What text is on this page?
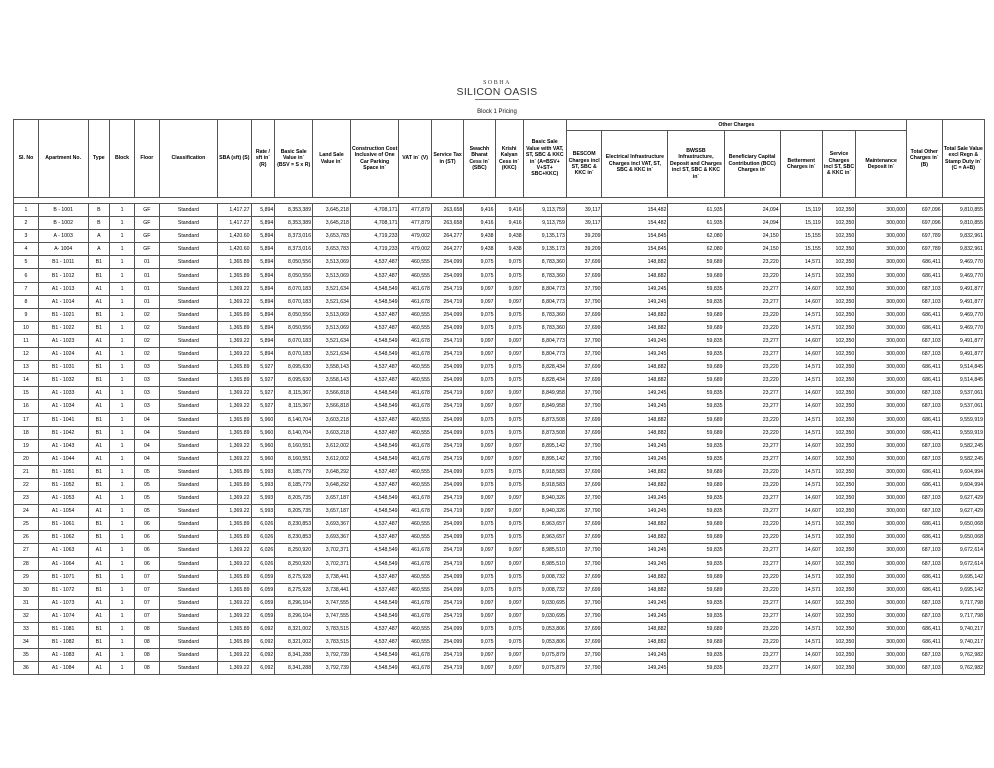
SOBHA
SILICON OASIS
Block 1 Pricing
Sl. No	Apartment No.	Type	Block	Floor	Classification	SBA (sft) (S)	Rate / sft in` (R)	Basic Sale Value in` (BSV = S x R)	Land Sale Value in`	Construction Cost Inclusive of One Car Parking Space in`	VAT in` (V)	Service Tax in (ST)	Swachh Bharat Cess in` (SBC)	Krishi Kalyan Cess in` (KKC)	Basic Sale Value with VAT, ST, SBC & KKC in` (A=BSV+ V+ST+ SBC+KKC)	Other Charges							Total Other Charges in` (B)	Total Sale Value excl Regn & Stamp Duty in` (C = A+B)
																BESCOM Charges incl ST, SBC & KKC in`	Electrical Infrastructure Charges incl VAT, ST, SBC & KKC in`	BWSSB Infrastructure, Deposit and Charges incl ST, SBC & KKC in`	Beneficiary Capital Contribution (BCC) Charges in`	Betterment Charges in`	Service Charges incl ST, SBC & KKC in`	Maintenance Deposit in`		

1	B - 1001	B	1	GF	Standard	1,417.27	5,894	8,353,389	3,645,218	4,708,171	477,879	263,658	9,416	9,416	9,113,759	39,117	154,482	61,935	24,094	15,119	102,350	300,000	697,096	9,810,855
2	B - 1002	B	1	GF	Standard	1,417.27	5,894	8,353,389	3,645,218	4,708,171	477,879	263,658	9,416	9,416	9,113,759	39,117	154,482	61,935	24,094	15,119	102,350	300,000	697,096	9,810,855
3	A - 1003	A	1	GF	Standard	1,420.60	5,894	8,373,016	3,653,783	4,719,233	479,002	264,277	9,438	9,438	9,135,173	39,209	154,845	62,080	24,150	15,155	102,350	300,000	697,789	9,832,961
4	A- 1004	A	1	GF	Standard	1,420.60	5,894	8,373,016	3,653,783	4,719,233	479,002	264,277	9,438	9,438	9,135,173	39,209	154,845	62,080	24,150	15,155	102,350	300,000	697,789	9,832,961
5	B1 - 1011	B1	1	01	Standard	1,365.89	5,894	8,050,556	3,513,069	4,537,487	460,555	254,099	9,075	9,075	8,783,360	37,699	148,882	59,689	23,220	14,571	102,350	300,000	686,411	9,469,770
6	B1 - 1012	B1	1	01	Standard	1,365.89	5,894	8,050,556	3,513,069	4,537,487	460,555	254,099	9,075	9,075	8,783,360	37,699	148,882	59,689	23,220	14,571	102,350	300,000	686,411	9,469,770
7	A1 - 1013	A1	1	01	Standard	1,369.22	5,894	8,070,183	3,521,634	4,548,549	461,678	254,719	9,097	9,097	8,804,773	37,790	149,245	59,835	23,277	14,607	102,350	300,000	687,103	9,491,877
8	A1 - 1014	A1	1	01	Standard	1,369.22	5,894	8,070,183	3,521,634	4,548,549	461,678	254,719	9,097	9,097	8,804,773	37,790	149,245	59,835	23,277	14,607	102,350	300,000	687,103	9,491,877
9	B1 - 1021	B1	1	02	Standard	1,365.89	5,894	8,050,556	3,513,069	4,537,487	460,555	254,099	9,075	9,075	8,783,360	37,699	148,882	59,689	23,220	14,571	102,350	300,000	686,411	9,469,770
10	B1 - 1022	B1	1	02	Standard	1,365.89	5,894	8,050,556	3,513,069	4,537,487	460,555	254,099	9,075	9,075	8,783,360	37,699	148,882	59,689	23,220	14,571	102,350	300,000	686,411	9,469,770
11	A1 - 1023	A1	1	02	Standard	1,369.22	5,894	8,070,183	3,521,634	4,548,549	461,678	254,719	9,097	9,097	8,804,773	37,790	149,245	59,835	23,277	14,607	102,350	300,000	687,103	9,491,877
12	A1 - 1024	A1	1	02	Standard	1,369.22	5,894	8,070,183	3,521,634	4,548,549	461,678	254,719	9,097	9,097	8,804,773	37,790	149,245	59,835	23,277	14,607	102,350	300,000	687,103	9,491,877
13	B1 - 1031	B1	1	03	Standard	1,365.89	5,927	8,095,630	3,558,143	4,537,487	460,555	254,099	9,075	9,075	8,828,434	37,699	148,882	59,689	23,220	14,571	102,350	300,000	686,411	9,514,845
14	B1 - 1032	B1	1	03	Standard	1,365.89	5,927	8,095,630	3,558,143	4,537,487	460,555	254,099	9,075	9,075	8,828,434	37,699	148,882	59,689	23,220	14,571	102,350	300,000	686,411	9,514,845
15	A1 - 1033	A1	1	03	Standard	1,369.22	5,927	8,115,367	3,566,818	4,548,549	461,678	254,719	9,097	9,097	8,849,958	37,790	149,245	59,835	23,277	14,607	102,350	300,000	687,103	9,537,061
16	A1 - 1034	A1	1	03	Standard	1,369.22	5,927	8,115,367	3,566,818	4,548,549	461,678	254,719	9,097	9,097	8,849,958	37,790	149,245	59,835	23,277	14,607	102,350	300,000	687,103	9,537,061
17	B1 - 1041	B1	1	04	Standard	1,365.89	5,960	8,140,704	3,603,218	4,537,487	460,555	254,099	9,075	9,075	8,873,508	37,699	148,882	59,689	23,220	14,571	102,350	300,000	686,411	9,559,919
18	B1 - 1042	B1	1	04	Standard	1,365.89	5,960	8,140,704	3,603,218	4,537,487	460,555	254,099	9,075	9,075	8,873,508	37,699	148,882	59,689	23,220	14,571	102,350	300,000	686,411	9,559,919
19	A1 - 1043	A1	1	04	Standard	1,369.22	5,960	8,160,551	3,612,002	4,548,549	461,678	254,719	9,097	9,097	8,895,142	37,790	149,245	59,835	23,277	14,607	102,350	300,000	687,103	9,582,245
20	A1 - 1044	A1	1	04	Standard	1,369.22	5,960	8,160,551	3,612,002	4,548,549	461,678	254,719	9,097	9,097	8,895,142	37,790	149,245	59,835	23,277	14,607	102,350	300,000	687,103	9,582,245
21	B1 - 1051	B1	1	05	Standard	1,365.89	5,993	8,185,779	3,648,292	4,537,487	460,555	254,099	9,075	9,075	8,918,583	37,699	148,882	59,689	23,220	14,571	102,350	300,000	686,411	9,604,994
22	B1 - 1052	B1	1	05	Standard	1,365.89	5,993	8,185,779	3,648,292	4,537,487	460,555	254,099	9,075	9,075	8,918,583	37,699	148,882	59,689	23,220	14,571	102,350	300,000	686,411	9,604,994
23	A1 - 1053	A1	1	05	Standard	1,369.22	5,993	8,205,735	3,657,187	4,548,549	461,678	254,719	9,097	9,097	8,940,326	37,790	149,245	59,835	23,277	14,607	102,350	300,000	687,103	9,627,429
24	A1 - 1054	A1	1	05	Standard	1,369.22	5,993	8,205,735	3,657,187	4,548,549	461,678	254,719	9,097	9,097	8,940,326	37,790	149,245	59,835	23,277	14,607	102,350	300,000	687,103	9,627,429
25	B1 - 1061	B1	1	06	Standard	1,365.89	6,026	8,230,853	3,693,367	4,537,487	460,555	254,099	9,075	9,075	8,963,657	37,699	148,882	59,689	23,220	14,571	102,350	300,000	686,411	9,650,068
26	B1 - 1062	B1	1	06	Standard	1,365.89	6,026	8,230,853	3,693,367	4,537,487	460,555	254,099	9,075	9,075	8,963,657	37,699	148,882	59,689	23,220	14,571	102,350	300,000	686,411	9,650,068
27	A1 - 1063	A1	1	06	Standard	1,369.22	6,026	8,250,920	3,702,371	4,548,549	461,678	254,719	9,097	9,097	8,985,510	37,790	149,245	59,835	23,277	14,607	102,350	300,000	687,103	9,672,614
28	A1 - 1064	A1	1	06	Standard	1,369.22	6,026	8,250,920	3,702,371	4,548,549	461,678	254,719	9,097	9,097	8,985,510	37,790	149,245	59,835	23,277	14,607	102,350	300,000	687,103	9,672,614
29	B1 - 1071	B1	1	07	Standard	1,365.89	6,059	8,275,928	3,738,441	4,537,487	460,555	254,099	9,075	9,075	9,008,732	37,699	148,882	59,689	23,220	14,571	102,350	300,000	686,411	9,695,142
30	B1 - 1072	B1	1	07	Standard	1,365.89	6,059	8,275,928	3,738,441	4,537,487	460,555	254,099	9,075	9,075	9,008,732	37,699	148,882	59,689	23,220	14,571	102,350	300,000	686,411	9,695,142
31	A1 - 1073	A1	1	07	Standard	1,369.22	6,059	8,296,104	3,747,555	4,548,549	461,678	254,719	9,097	9,097	9,030,695	37,790	149,245	59,835	23,277	14,607	102,350	300,000	687,103	9,717,798
32	A1 - 1074	A1	1	07	Standard	1,369.22	6,059	8,296,104	3,747,555	4,548,549	461,678	254,719	9,097	9,097	9,030,695	37,790	149,245	59,835	23,277	14,607	102,350	300,000	687,103	9,717,798
33	B1 - 1081	B1	1	08	Standard	1,365.89	6,092	8,321,002	3,783,515	4,537,487	460,555	254,099	9,075	9,075	9,053,806	37,699	148,882	59,689	23,220	14,571	102,350	300,000	686,411	9,740,217
34	B1 - 1082	B1	1	08	Standard	1,365.89	6,092	8,321,002	3,783,515	4,537,487	460,555	254,099	9,075	9,075	9,053,806	37,699	148,882	59,689	23,220	14,571	102,350	300,000	686,411	9,740,217
35	A1 - 1083	A1	1	08	Standard	1,369.22	6,092	8,341,288	3,792,739	4,548,549	461,678	254,719	9,097	9,097	9,075,879	37,790	149,245	59,835	23,277	14,607	102,350	300,000	687,103	9,762,982
36	A1 - 1084	A1	1	08	Standard	1,369.22	6,092	8,341,288	3,792,739	4,548,549	461,678	254,719	9,097	9,097	9,075,879	37,790	149,245	59,835	23,277	14,607	102,350	300,000	687,103	9,762,982
